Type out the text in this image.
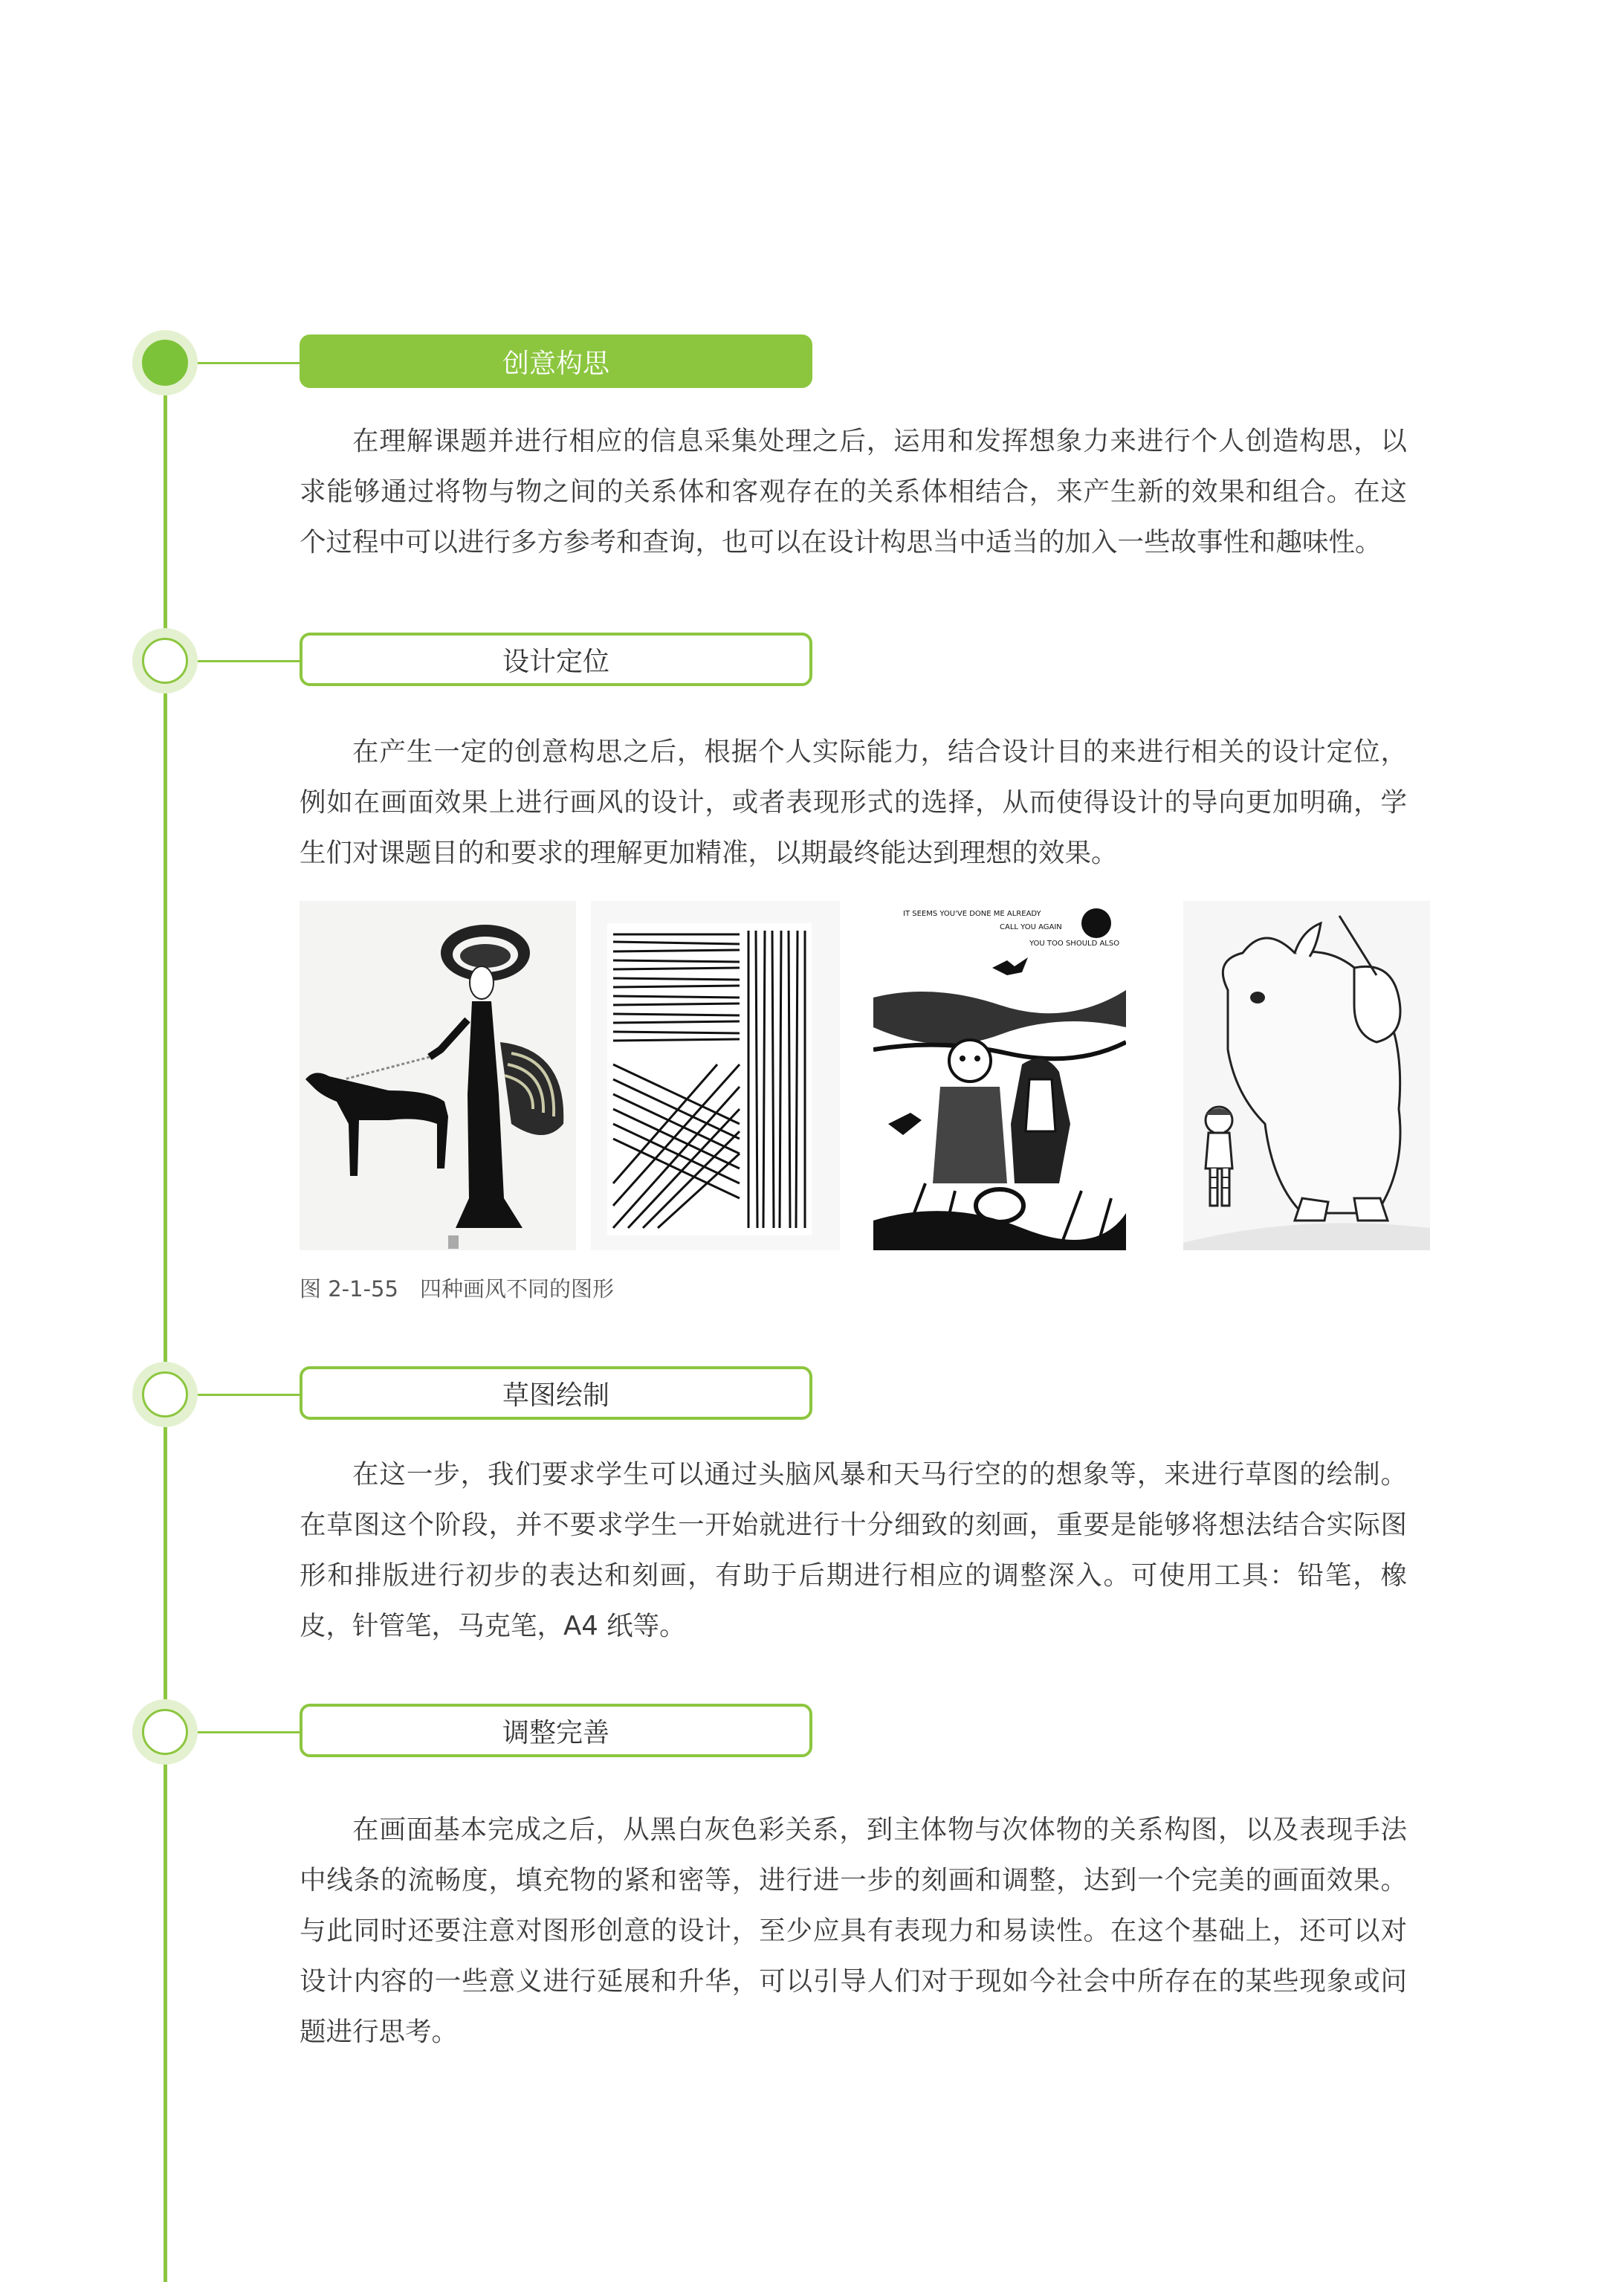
创意构思

在理解课题并进行相应的信息采集处理之后，运用和发挥想象力来进行个人创造构思，以求能够通过将物与物之间的关系体和客观存在的关系体相结合，来产生新的效果和组合。在这个过程中可以进行多方参考和查询，也可以在设计构思当中适当的加入一些故事性和趣味性。

设计定位

在产生一定的创意构思之后，根据个人实际能力，结合设计目的来进行相关的设计定位，例如在画面效果上进行画风的设计，或者表现形式的选择，从而使得设计的导向更加明确，学生们对课题目的和要求的理解更加精准，以期最终能达到理想的效果。

IT SEEMS YOU'VE DONE ME ALREADY
CALL YOU AGAIN
YOU TOO SHOULD ALSO
图 2-1-55　四种画风不同的图形
草图绘制

在这一步，我们要求学生可以通过头脑风暴和天马行空的的想象等，来进行草图的绘制。在草图这个阶段，并不要求学生一开始就进行十分细致的刻画，重要是能够将想法结合实际图形和排版进行初步的表达和刻画，有助于后期进行相应的调整深入。可使用工具：铅笔，橡皮，针管笔，马克笔，A4 纸等。

调整完善

在画面基本完成之后，从黑白灰色彩关系，到主体物与次体物的关系构图，以及表现手法中线条的流畅度，填充物的紧和密等，进行进一步的刻画和调整，达到一个完美的画面效果。与此同时还要注意对图形创意的设计，至少应具有表现力和易读性。在这个基础上，还可以对设计内容的一些意义进行延展和升华，可以引导人们对于现如今社会中所存在的某些现象或问题进行思考。
